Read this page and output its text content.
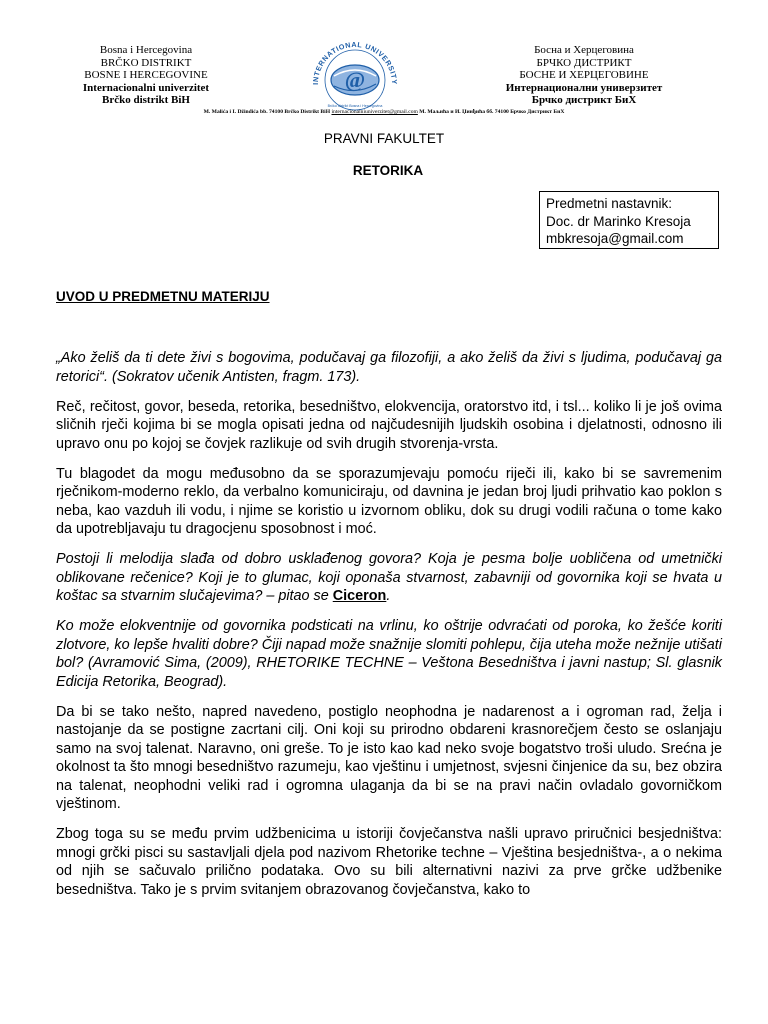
Bosna i Hercegovina
BRČKO DISTRIKT
BOSNE I HERCEGOVINE
Internacionalni univerzitet
Brčko distrikt BiH
INTERNATIONAL UNIVERSITY
@
Brčko distrikt Bosna i Hercegovina
Босна и Херцеговина
БРЧКО ДИСТРИКТ
БОСНЕ И ХЕРЦЕГОВИНЕ
Интернационални универзитет
Брчко дистрикт БиХ
M. Malića i I. Džinđića bb. 74100 Brčko Distrikt BiH internacionalniuniverzitet@gmail.com M. Маљића и И. Џинђића бб. 74100 Брчко Дистрикт БиХ
PRAVNI FAKULTET
RETORIKA
Predmetni nastavnik:
Doc. dr Marinko Kresoja
mbkresoja@gmail.com
UVOD U PREDMETNU MATERIJU

„Ako želiš da ti dete živi s bogovima, podučavaj ga filozofiji, a ako želiš da živi s ljudima, podučavaj ga retorici“. (Sokratov učenik Antisten, fragm. 173).

Reč, rečitost, govor, beseda, retorika, besedništvo, elokvencija, oratorstvo itd, i tsl... koliko li je još ovima sličnih rječi kojima bi se mogla opisati jedna od najčudesnijih ljudskih osobina i djelatnosti, odnosno ili upravo onu po kojoj se čovjek razlikuje od svih drugih stvorenja-vrsta.

Tu blagodet da mogu međusobno da se sporazumjevaju pomoću riječi ili, kako bi se savremenim rječnikom-moderno reklo, da verbalno komuniciraju, od davnina je jedan broj ljudi prihvatio kao poklon s neba, kao vazduh ili vodu, i njime se koristio u izvornom obliku, dok su drugi vodili računa o tome kako da upotrebljavaju tu dragocjenu sposobnost i moć.

Postoji li melodija slađa od dobro usklađenog govora? Koja je pesma bolje uobličena od umetnički oblikovane rečenice? Koji je to glumac, koji oponaša stvarnost, zabavniji od govornika koji se hvata u koštac sa stvarnim slučajevima? – pitao se Ciceron.

Ko može elokventnije od govornika podsticati na vrlinu, ko oštrije odvraćati od poroka, ko žešće koriti zlotvore, ko lepše hvaliti dobre? Čiji napad može snažnije slomiti pohlepu, čija uteha može nežnije utišati bol? (Avramović Sima, (2009), RHETORIKE TECHNE – Veštona Besedništva i javni nastup; Sl. glasnik Edicija Retorika, Beograd).

Da bi se tako nešto, napred navedeno, postiglo neophodna je nadarenost a i ogroman rad, želja i nastojanje da se postigne zacrtani cilj. Oni koji su prirodno obdareni krasnorečjem često se oslanjaju samo na svoj talenat. Naravno, oni greše. To je isto kao kad neko svoje bogatstvo troši uludo. Srećna je okolnost ta što mnogi besedništvo razumeju, kao vještinu i umjetnost, svjesni činjenice da su, bez obzira na talenat, neophodni veliki rad i ogromna ulaganja da bi se na pravi način ovladalo govorničkom vještinom.

Zbog toga su se među prvim udžbenicima u istoriji čovječanstva našli upravo priručnici besjedništva: mnogi grčki pisci su sastavljali djela pod nazivom Rhetorike techne – Vještina besjedništva-, a o nekima od njih se sačuvalo prilično podataka. Ovo su bili alternativni nazivi za prve grčke udžbenike besedništva. Tako je s prvim svitanjem obrazovanog čovječanstva, kako to
